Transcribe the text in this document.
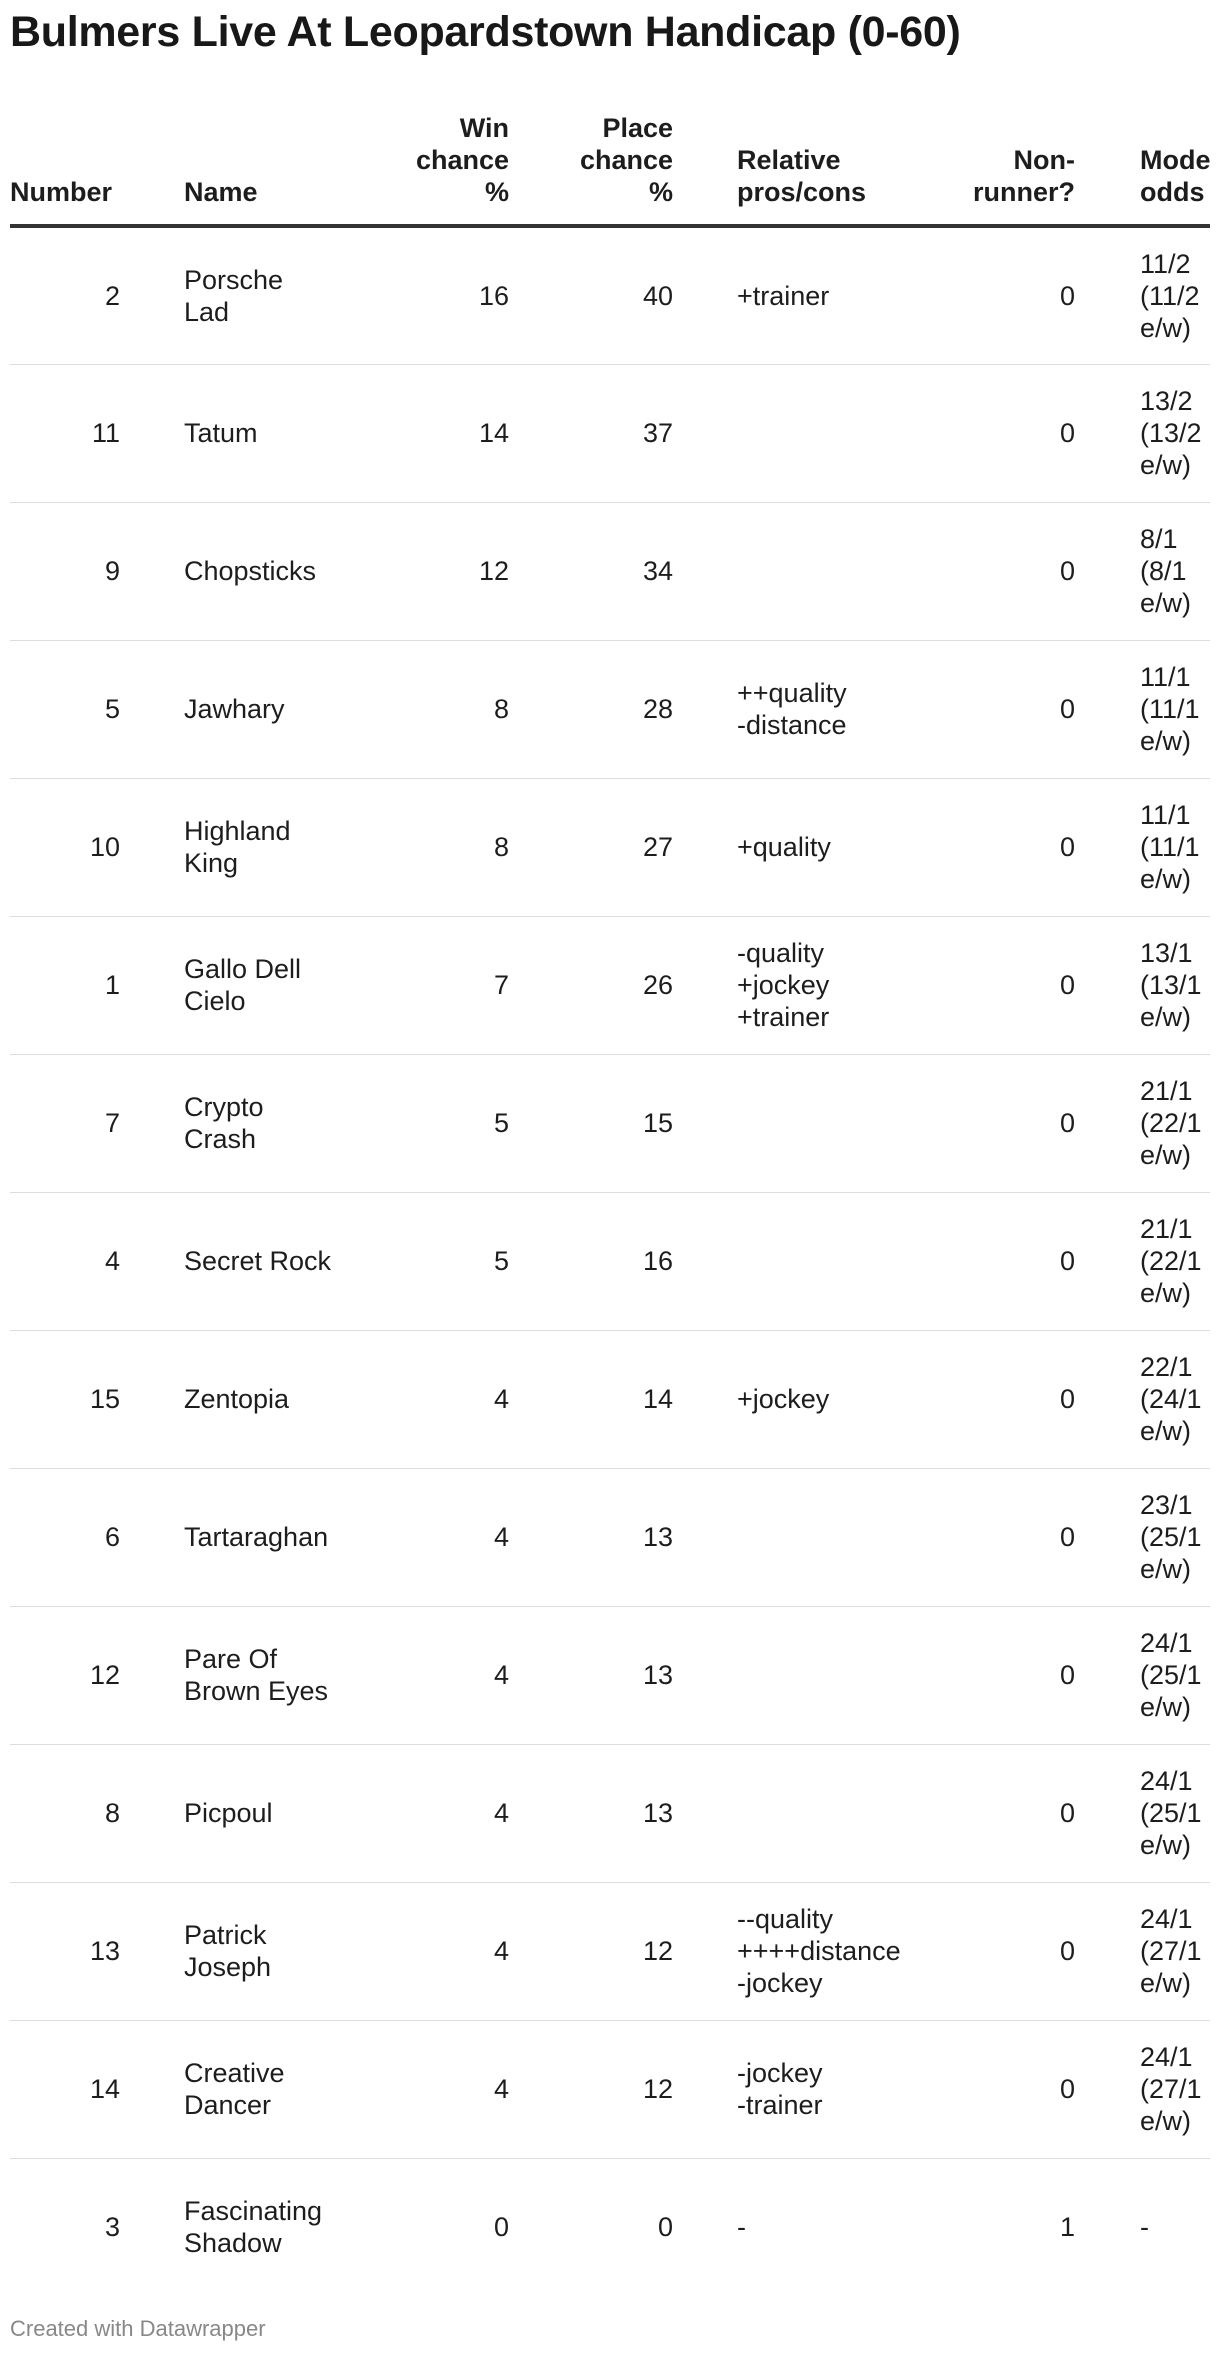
Bulmers Live At Leopardstown Handicap (0-60)
Number		Name	Win
chance
%	Place
chance
%		Relative
pros/cons	Non-
runner?		Mode
odds

2		Porsche
Lad	16	40		+trainer	0		11/2
(11/2
e/w)

11		Tatum	14	37			0		13/2
(13/2
e/w)

9		Chopsticks	12	34			0		8/1
(8/1
e/w)

5		Jawhary	8	28		++quality
-distance	0		11/1
(11/1
e/w)

10		Highland
King	8	27		+quality	0		11/1
(11/1
e/w)

1		Gallo Dell
Cielo	7	26		-quality
+jockey
+trainer	0		13/1
(13/1
e/w)

7		Crypto
Crash	5	15			0		21/1
(22/1
e/w)

4		Secret Rock	5	16			0		21/1
(22/1
e/w)

15		Zentopia	4	14		+jockey	0		22/1
(24/1
e/w)

6		Tartaraghan	4	13			0		23/1
(25/1
e/w)

12		Pare Of
Brown Eyes	4	13			0		24/1
(25/1
e/w)

8		Picpoul	4	13			0		24/1
(25/1
e/w)

13		Patrick
Joseph	4	12		--quality
++++distance
-jockey	0		24/1
(27/1
e/w)

14		Creative
Dancer	4	12		-jockey
-trainer	0		24/1
(27/1
e/w)

3		Fascinating
Shadow	0	0		-	1		-
Created with Datawrapper
